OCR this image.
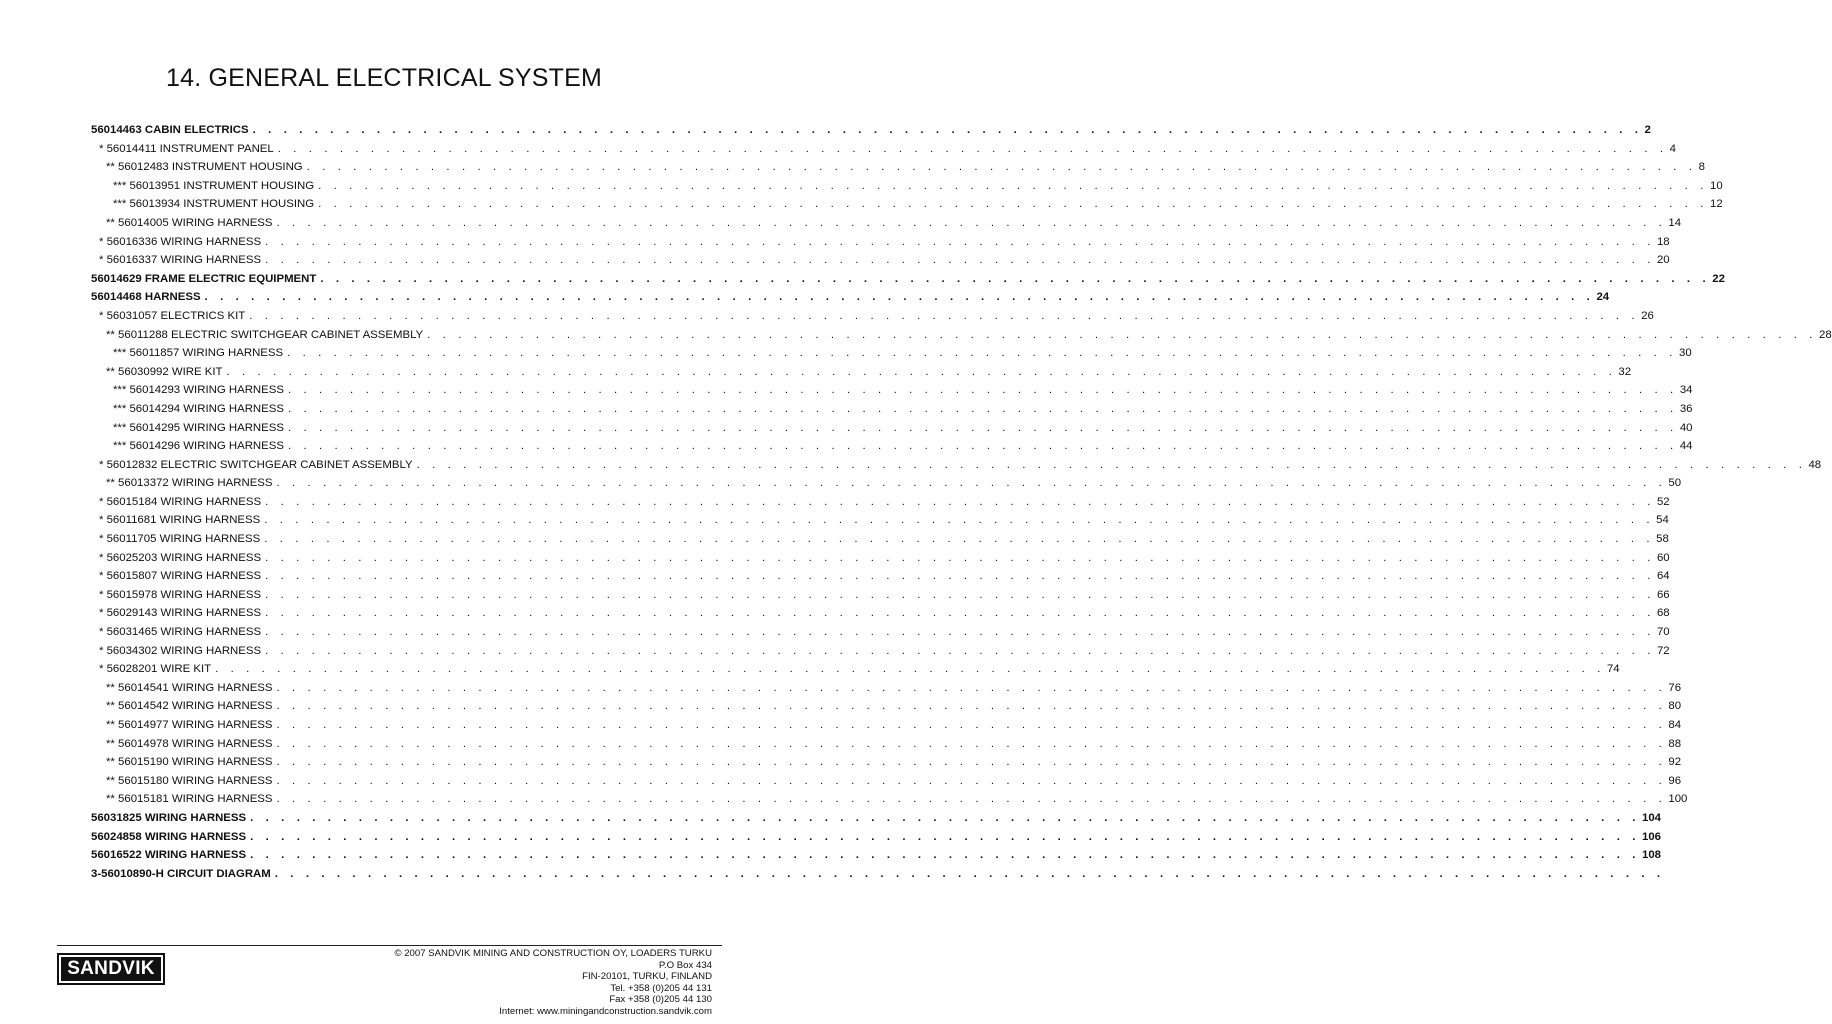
14. GENERAL ELECTRICAL SYSTEM
56014463 CABIN ELECTRICS . . . . . . . . . . . . . . . . . . . . . . . . . . . . . . . . . . . . . . . . . . . . . . . . . . . . . . . . . . . . . . . . . . . . . . . . . . . . . . . . . . . . . . . . . . 2
* 56014411 INSTRUMENT PANEL . . . . . . . . . . . . . . . . . . . . . . . . . . . . . . . . . . . . . . . . . . . . . . . . . . . . . . . . . . . . . . . . . . . . . . . . . . . . . . . . . . . . . . . . . . 4
** 56012483 INSTRUMENT HOUSING . . . . . . . . . . . . . . . . . . . . . . . . . . . . . . . . . . . . . . . . . . . . . . . . . . . . . . . . . . . . . . . . . . . . . . . . . . . . . . . . . . . . . . . . . . 8
*** 56013951 INSTRUMENT HOUSING . . . . . . . . . . . . . . . . . . . . . . . . . . . . . . . . . . . . . . . . . . . . . . . . . . . . . . . . . . . . . . . . . . . . . . . . . . . . . . . . . . . . . . . . . . 10
*** 56013934 INSTRUMENT HOUSING . . . . . . . . . . . . . . . . . . . . . . . . . . . . . . . . . . . . . . . . . . . . . . . . . . . . . . . . . . . . . . . . . . . . . . . . . . . . . . . . . . . . . . . . . . 12
** 56014005 WIRING HARNESS . . . . . . . . . . . . . . . . . . . . . . . . . . . . . . . . . . . . . . . . . . . . . . . . . . . . . . . . . . . . . . . . . . . . . . . . . . . . . . . . . . . . . . . . . . 14
* 56016336 WIRING HARNESS . . . . . . . . . . . . . . . . . . . . . . . . . . . . . . . . . . . . . . . . . . . . . . . . . . . . . . . . . . . . . . . . . . . . . . . . . . . . . . . . . . . . . . . . . . 18
* 56016337 WIRING HARNESS . . . . . . . . . . . . . . . . . . . . . . . . . . . . . . . . . . . . . . . . . . . . . . . . . . . . . . . . . . . . . . . . . . . . . . . . . . . . . . . . . . . . . . . . . . 20
56014629 FRAME ELECTRIC EQUIPMENT . . . . . . . . . . . . . . . . . . . . . . . . . . . . . . . . . . . . . . . . . . . . . . . . . . . . . . . . . . . . . . . . . . . . . . . . . . . . . . . . . . . . . . . . . . 22
56014468 HARNESS . . . . . . . . . . . . . . . . . . . . . . . . . . . . . . . . . . . . . . . . . . . . . . . . . . . . . . . . . . . . . . . . . . . . . . . . . . . . . . . . . . . . . . . . . . 24
* 56031057 ELECTRICS KIT . . . . . . . . . . . . . . . . . . . . . . . . . . . . . . . . . . . . . . . . . . . . . . . . . . . . . . . . . . . . . . . . . . . . . . . . . . . . . . . . . . . . . . . . . . 26
** 56011288 ELECTRIC SWITCHGEAR CABINET ASSEMBLY . . . . . . . . . . . . . . . . . . . . . . . . . . . . . . . . . . . . . . . . . . . . . . . . . . . . . . . . . . . . . . . . . . . . . . . . . . . . . . . . . . . . . . . . . . 28
*** 56011857 WIRING HARNESS . . . . . . . . . . . . . . . . . . . . . . . . . . . . . . . . . . . . . . . . . . . . . . . . . . . . . . . . . . . . . . . . . . . . . . . . . . . . . . . . . . . . . . . . . . 30
** 56030992 WIRE KIT . . . . . . . . . . . . . . . . . . . . . . . . . . . . . . . . . . . . . . . . . . . . . . . . . . . . . . . . . . . . . . . . . . . . . . . . . . . . . . . . . . . . . . . . . . 32
*** 56014293 WIRING HARNESS . . . . . . . . . . . . . . . . . . . . . . . . . . . . . . . . . . . . . . . . . . . . . . . . . . . . . . . . . . . . . . . . . . . . . . . . . . . . . . . . . . . . . . . . . . 34
*** 56014294 WIRING HARNESS . . . . . . . . . . . . . . . . . . . . . . . . . . . . . . . . . . . . . . . . . . . . . . . . . . . . . . . . . . . . . . . . . . . . . . . . . . . . . . . . . . . . . . . . . . 36
*** 56014295 WIRING HARNESS . . . . . . . . . . . . . . . . . . . . . . . . . . . . . . . . . . . . . . . . . . . . . . . . . . . . . . . . . . . . . . . . . . . . . . . . . . . . . . . . . . . . . . . . . . 40
*** 56014296 WIRING HARNESS . . . . . . . . . . . . . . . . . . . . . . . . . . . . . . . . . . . . . . . . . . . . . . . . . . . . . . . . . . . . . . . . . . . . . . . . . . . . . . . . . . . . . . . . . . 44
* 56012832 ELECTRIC SWITCHGEAR CABINET ASSEMBLY . . . . . . . . . . . . . . . . . . . . . . . . . . . . . . . . . . . . . . . . . . . . . . . . . . . . . . . . . . . . . . . . . . . . . . . . . . . . . . . . . . . . . . . . . . 48
** 56013372 WIRING HARNESS . . . . . . . . . . . . . . . . . . . . . . . . . . . . . . . . . . . . . . . . . . . . . . . . . . . . . . . . . . . . . . . . . . . . . . . . . . . . . . . . . . . . . . . . . . 50
* 56015184 WIRING HARNESS . . . . . . . . . . . . . . . . . . . . . . . . . . . . . . . . . . . . . . . . . . . . . . . . . . . . . . . . . . . . . . . . . . . . . . . . . . . . . . . . . . . . . . . . . . 52
* 56011681 WIRING HARNESS . . . . . . . . . . . . . . . . . . . . . . . . . . . . . . . . . . . . . . . . . . . . . . . . . . . . . . . . . . . . . . . . . . . . . . . . . . . . . . . . . . . . . . . . . . 54
* 56011705 WIRING HARNESS . . . . . . . . . . . . . . . . . . . . . . . . . . . . . . . . . . . . . . . . . . . . . . . . . . . . . . . . . . . . . . . . . . . . . . . . . . . . . . . . . . . . . . . . . . 58
* 56025203 WIRING HARNESS . . . . . . . . . . . . . . . . . . . . . . . . . . . . . . . . . . . . . . . . . . . . . . . . . . . . . . . . . . . . . . . . . . . . . . . . . . . . . . . . . . . . . . . . . . 60
* 56015807 WIRING HARNESS . . . . . . . . . . . . . . . . . . . . . . . . . . . . . . . . . . . . . . . . . . . . . . . . . . . . . . . . . . . . . . . . . . . . . . . . . . . . . . . . . . . . . . . . . . 64
* 56015978 WIRING HARNESS . . . . . . . . . . . . . . . . . . . . . . . . . . . . . . . . . . . . . . . . . . . . . . . . . . . . . . . . . . . . . . . . . . . . . . . . . . . . . . . . . . . . . . . . . . 66
* 56029143 WIRING HARNESS . . . . . . . . . . . . . . . . . . . . . . . . . . . . . . . . . . . . . . . . . . . . . . . . . . . . . . . . . . . . . . . . . . . . . . . . . . . . . . . . . . . . . . . . . . 68
* 56031465 WIRING HARNESS . . . . . . . . . . . . . . . . . . . . . . . . . . . . . . . . . . . . . . . . . . . . . . . . . . . . . . . . . . . . . . . . . . . . . . . . . . . . . . . . . . . . . . . . . . 70
* 56034302 WIRING HARNESS . . . . . . . . . . . . . . . . . . . . . . . . . . . . . . . . . . . . . . . . . . . . . . . . . . . . . . . . . . . . . . . . . . . . . . . . . . . . . . . . . . . . . . . . . . 72
* 56028201 WIRE KIT . . . . . . . . . . . . . . . . . . . . . . . . . . . . . . . . . . . . . . . . . . . . . . . . . . . . . . . . . . . . . . . . . . . . . . . . . . . . . . . . . . . . . . . . . . 74
** 56014541 WIRING HARNESS . . . . . . . . . . . . . . . . . . . . . . . . . . . . . . . . . . . . . . . . . . . . . . . . . . . . . . . . . . . . . . . . . . . . . . . . . . . . . . . . . . . . . . . . . . 76
** 56014542 WIRING HARNESS . . . . . . . . . . . . . . . . . . . . . . . . . . . . . . . . . . . . . . . . . . . . . . . . . . . . . . . . . . . . . . . . . . . . . . . . . . . . . . . . . . . . . . . . . . 80
** 56014977 WIRING HARNESS . . . . . . . . . . . . . . . . . . . . . . . . . . . . . . . . . . . . . . . . . . . . . . . . . . . . . . . . . . . . . . . . . . . . . . . . . . . . . . . . . . . . . . . . . . 84
** 56014978 WIRING HARNESS . . . . . . . . . . . . . . . . . . . . . . . . . . . . . . . . . . . . . . . . . . . . . . . . . . . . . . . . . . . . . . . . . . . . . . . . . . . . . . . . . . . . . . . . . . 88
** 56015190 WIRING HARNESS . . . . . . . . . . . . . . . . . . . . . . . . . . . . . . . . . . . . . . . . . . . . . . . . . . . . . . . . . . . . . . . . . . . . . . . . . . . . . . . . . . . . . . . . . . 92
** 56015180 WIRING HARNESS . . . . . . . . . . . . . . . . . . . . . . . . . . . . . . . . . . . . . . . . . . . . . . . . . . . . . . . . . . . . . . . . . . . . . . . . . . . . . . . . . . . . . . . . . . 96
** 56015181 WIRING HARNESS . . . . . . . . . . . . . . . . . . . . . . . . . . . . . . . . . . . . . . . . . . . . . . . . . . . . . . . . . . . . . . . . . . . . . . . . . . . . . . . . . . . . . . . . . . 100
56031825 WIRING HARNESS . . . . . . . . . . . . . . . . . . . . . . . . . . . . . . . . . . . . . . . . . . . . . . . . . . . . . . . . . . . . . . . . . . . . . . . . . . . . . . . . . . . . . . . . . . 104
56024858 WIRING HARNESS . . . . . . . . . . . . . . . . . . . . . . . . . . . . . . . . . . . . . . . . . . . . . . . . . . . . . . . . . . . . . . . . . . . . . . . . . . . . . . . . . . . . . . . . . . 106
56016522 WIRING HARNESS . . . . . . . . . . . . . . . . . . . . . . . . . . . . . . . . . . . . . . . . . . . . . . . . . . . . . . . . . . . . . . . . . . . . . . . . . . . . . . . . . . . . . . . . . . 108
3-56010890-H CIRCUIT DIAGRAM . . . . . . . . . . . . . . . . . . . . . . . . . . . . . . . . . . . . . . . . . . . . . . . . . . . . . . . . . . . . . . . . . . . . . . . . . . . . . . . . . . . . . . . . . .
SANDVIK
© 2007 SANDVIK MINING AND CONSTRUCTION OY, LOADERS TURKU
P.O Box 434
FIN-20101, TURKU, FINLAND
Tel. +358 (0)205 44 131
Fax +358 (0)205 44 130
Internet: www.miningandconstruction.sandvik.com
